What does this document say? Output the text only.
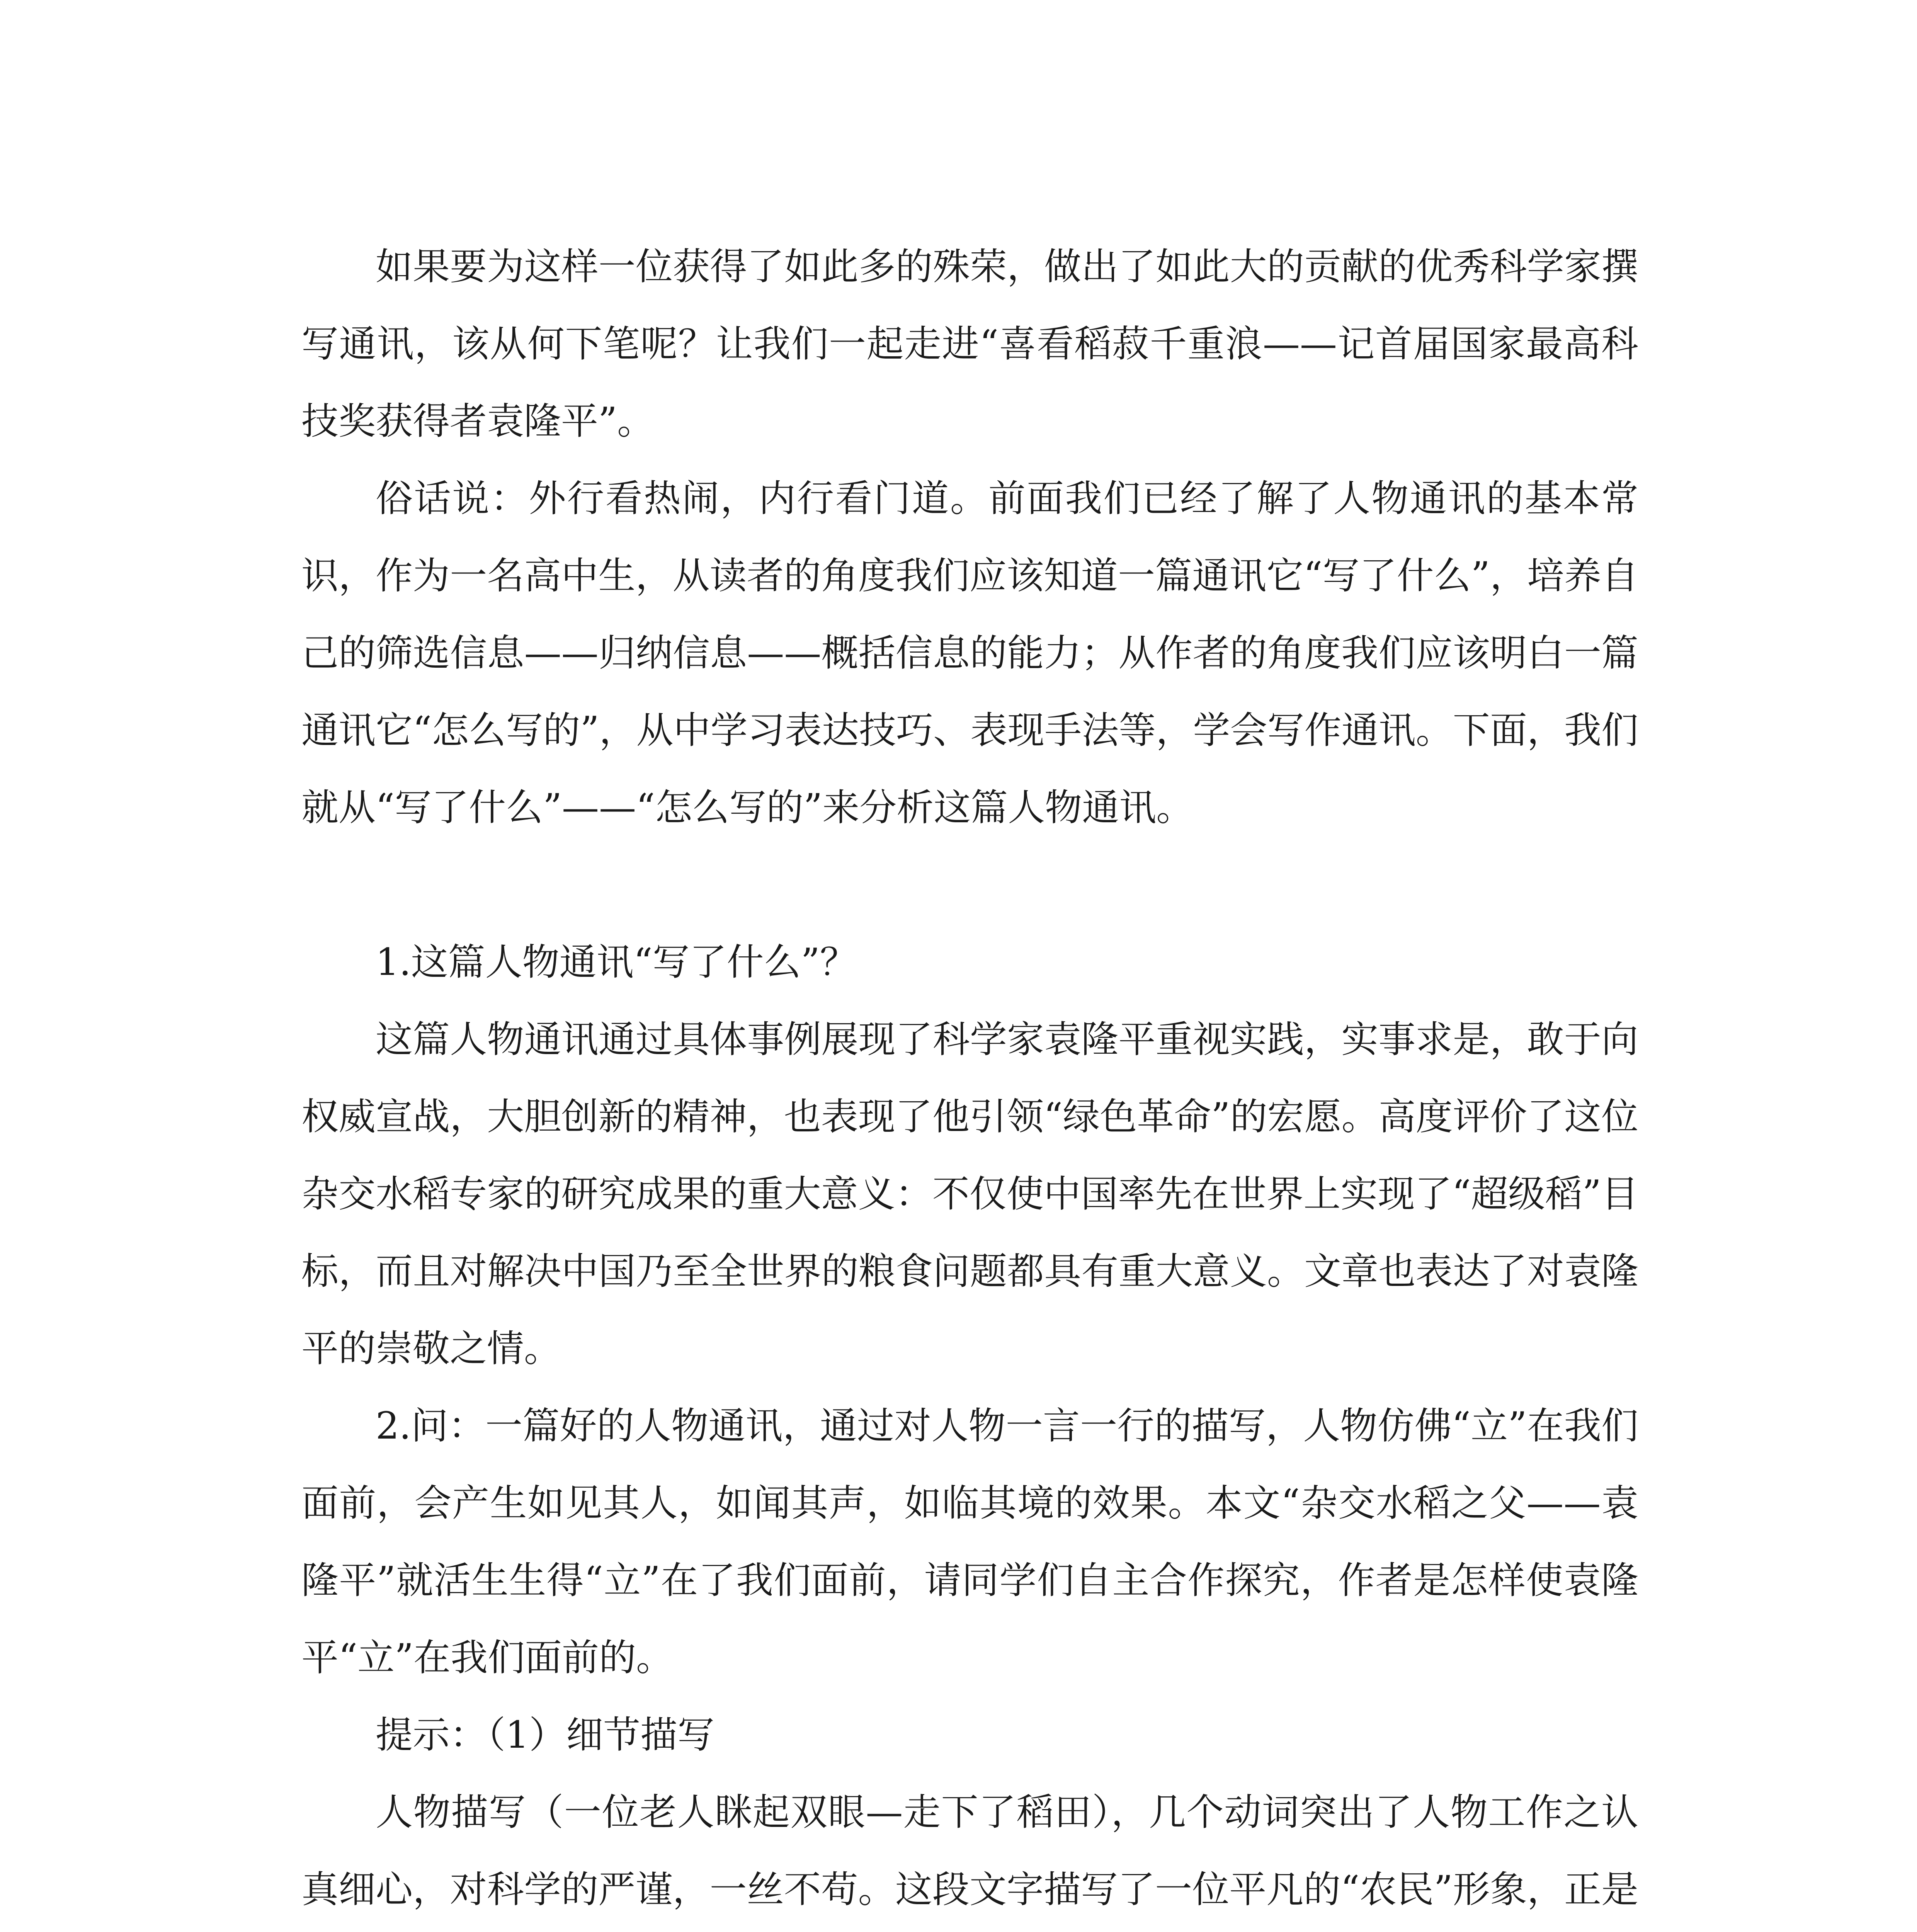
如果要为这样一位获得了如此多的殊荣，做出了如此大的贡献的优秀科学家撰写通讯，该从何下笔呢？让我们一起走进“喜看稻菽千重浪——记首届国家最高科技奖获得者袁隆平”。

俗话说：外行看热闹，内行看门道。前面我们已经了解了人物通讯的基本常识，作为一名高中生，从读者的角度我们应该知道一篇通讯它“写了什么”，培养自己的筛选信息——归纳信息——概括信息的能力；从作者的角度我们应该明白一篇通讯它“怎么写的”，从中学习表达技巧、表现手法等，学会写作通讯。下面，我们就从“写了什么”——“怎么写的”来分析这篇人物通讯。

1.这篇人物通讯“写了什么”？

这篇人物通讯通过具体事例展现了科学家袁隆平重视实践，实事求是，敢于向权威宣战，大胆创新的精神，也表现了他引领“绿色革命”的宏愿。高度评价了这位杂交水稻专家的研究成果的重大意义：不仅使中国率先在世界上实现了“超级稻”目标，而且对解决中国乃至全世界的粮食问题都具有重大意义。文章也表达了对袁隆平的崇敬之情。

2.问：一篇好的人物通讯，通过对人物一言一行的描写，人物仿佛“立”在我们面前，会产生如见其人，如闻其声，如临其境的效果。本文“杂交水稻之父——袁隆平”就活生生得“立”在了我们面前，请同学们自主合作探究，作者是怎样使袁隆平“立”在我们面前的。

提示：（1）细节描写

人物描写（一位老人眯起双眼—走下了稻田），几个动词突出了人物工作之认真细心，对科学的严谨，一丝不苟。这段文字描写了一位平凡的“农民”形象，正是
